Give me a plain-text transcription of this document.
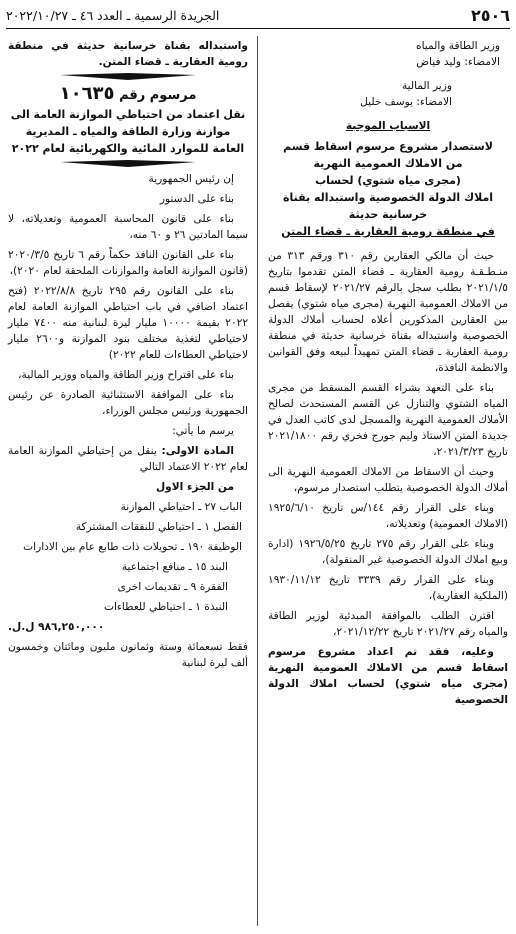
٢٥٠٦
الجريدة الرسمية ـ العدد ٤٦ ـ ٢٠٢٢/١٠/٢٧

وزير الطاقة والمياه

الامضاء: وليد فياض

وزير المالية

الامضاء: يوسف خليل

الاسباب الموجبة

لاستصدار مشروع مرسوم اسقاط قسم

من الاملاك العمومية النهرية

(مجرى مياه شتوي) لحساب

املاك الدولة الخصوصية واستبداله بقناة

خرسانية حديثة

في منطقة رومية العقارية ـ قضاء المتن

حيث أن مالكي العقارين رقم ٣١٠ ورقم ٣١٣ من منـطـقـة رومية العقارية ـ قضاء المتن تقدموا بتاريخ ٢٠٢١/١/٥ بطلب سجل بالرقم ٢٠٢١/٢٧ لإسقاط قسم من الاملاك العمومية النهرية (مجرى مياه شتوي) يفصل بين العقارين المذكورين أعلاه لحساب أملاك الدولة الخصوصية واستبداله بقناة خرسانية حديثة في منطقة رومية العقارية ـ قضاء المتن تمهيداً لبيعه وفق القوانين والانظمة النافذة،

بناء على التعهد بشراء القسم المسقط من مجرى المياه الشتوي والتنازل عن القسم المستحدث لصالح الأملاك العمومية النهرية والمسجل لدى كاتب العدل في جديدة المتن الاستاذ وليم جورج فخري رقم ٢٠٢١/١٨٠٠ تاريخ ٢٠٢١/٣/٢٣،

وحيث أن الاسقاط من الاملاك العمومية النهرية الى أملاك الدولة الخصوصية يتطلب استصدار مرسوم،

وبناء على القرار رقم ١٤٤/س تاريخ ١٩٢٥/٦/١٠ (الاملاك العمومية) وتعديلاته،

وبناء على القرار رقم ٢٧٥ تاريخ ١٩٢٦/٥/٢٥ (ادارة وبيع املاك الدولة الخصوصية غير المنقولة)،

وبناء على القرار رقم ٣٣٣٩ تاريخ ١٩٣٠/١١/١٢ (الملكية العقارية)،

اقترن الطلب بالموافقة المبدئية لوزير الطاقة والمياه رقم ٢٠٢١/٢٧ تاريخ ٢٠٢١/١٢/٢٢،

وعليه، فقد تم اعداد مشروع مرسوم اسقاط قسم من الاملاك العمومية النهرية (مجرى مياه شتوي) لحساب املاك الدولة الخصوصية

واستبداله بقناة خرسانية حديثة في منطقة رومية العقارية ـ قضاء المتن.

مرسوم رقم ١٠٦٣٥

نقل اعتماد من احتياطي الموازنة العامة الى موازنة وزارة الطاقة والمياه ـ المديرية العامة للموارد المائية والكهربائية لعام ٢٠٢٢

إن رئيس الجمهورية

بناء على الدستور

بناء على قانون المحاسبة العمومية وتعديلاته، لا سيما المادتين ٢٦ و ٦٠ منه،

بناء على القانون النافذ حكماً رقم ٦ تاريخ ٢٠٢٠/٣/٥ (قانون الموازنة العامة والموازنات الملحقة لعام ٢٠٢٠)،

بناء على القانون رقم ٢٩٥ تاريخ ٢٠٢٢/٨/٨ (فتح اعتماد اضافي في باب احتياطي الموازنة العامة لعام ٢٠٢٢ بقيمة ١٠٠٠٠ مليار ليرة لبنانية منه ٧٤٠٠ مليار لاحتياطي لتغذية مختلف بنود الموازنة و٢٦٠٠ مليار لاحتياطي العطاءات للعام ٢٠٢٢)

بناء على اقتراح وزير الطاقة والمياه ووزير المالية،

بناء على الموافقة الاستثنائية الصادرة عن رئيس الجمهورية ورئيس مجلس الوزراء،

يرسم ما يأتي:

المادة الاولى: ينقل من إحتياطي الموازنة العامة لعام ٢٠٢٢ الاعتماد التالي

من الجزء الاول

الباب ٢٧ ـ احتياطي الموازنة

الفصل ١ ـ احتياطي للنفقات المشتركة

الوظيفة ١٩٠ ـ تحويلات ذات طابع عام بين الادارات

البند ١٥ ـ منافع اجتماعية

الفقرة ٩ ـ تقديمات اخرى

النبذة ١ ـ احتياطي للعطاءات

٩٨٦,٢٥٠,٠٠٠ ل.ل.

فقط تسعمائة وستة وثمانون مليون ومائتان وخمسون ألف ليرة لبنانية
